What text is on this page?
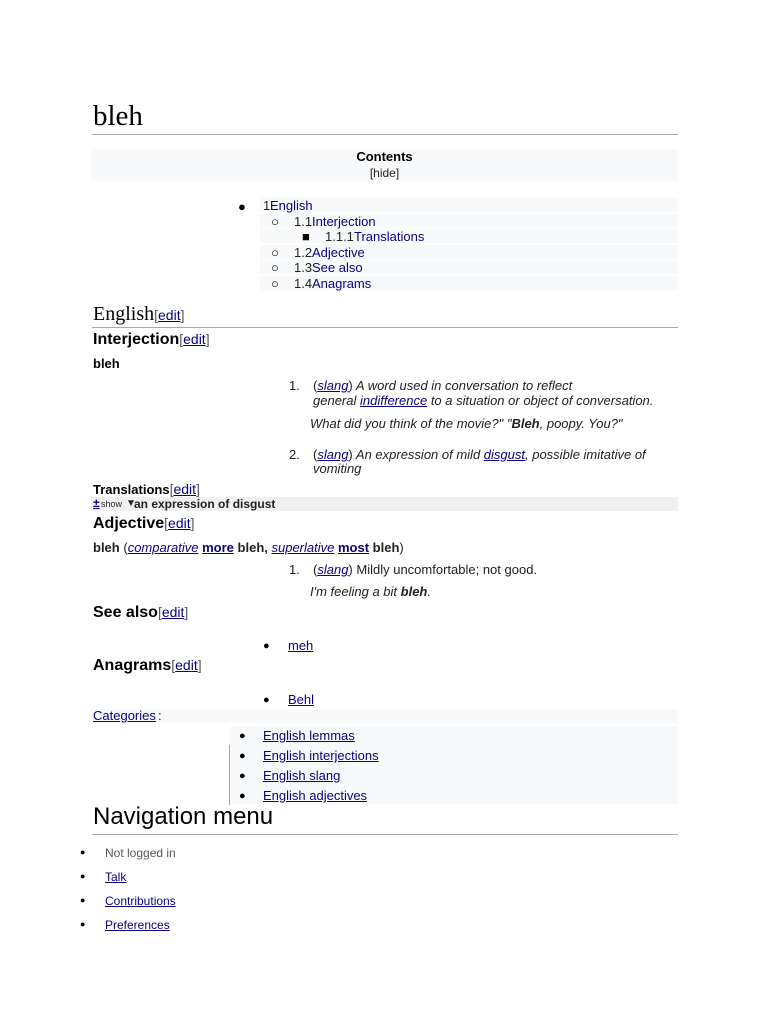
bleh
Contents
[hide]
● 1 English
○ 1.1 Interjection
■ 1.1.1 Translations
○ 1.2 Adjective
○ 1.3 See also
○ 1.4 Anagrams
English[edit]
Interjection[edit]
bleh
1. (slang) A word used in conversation to reflect
general indifference to a situation or object of conversation.
What did you think of the movie?" "Bleh, poopy. You?"
2. (slang) An expression of mild disgust, possible imitative of
vomiting
Translations[edit]
± show ▼
an expression of disgust
Adjective[edit]
bleh (comparative more bleh, superlative most bleh)
1. (slang) Mildly uncomfortable; not good.
I'm feeling a bit bleh.
See also[edit]
● meh
Anagrams[edit]
● Behl
Categories :
● English lemmas
● English interjections
● English slang
● English adjectives
Navigation menu
● Not logged in
● Talk
● Contributions
● Preferences
